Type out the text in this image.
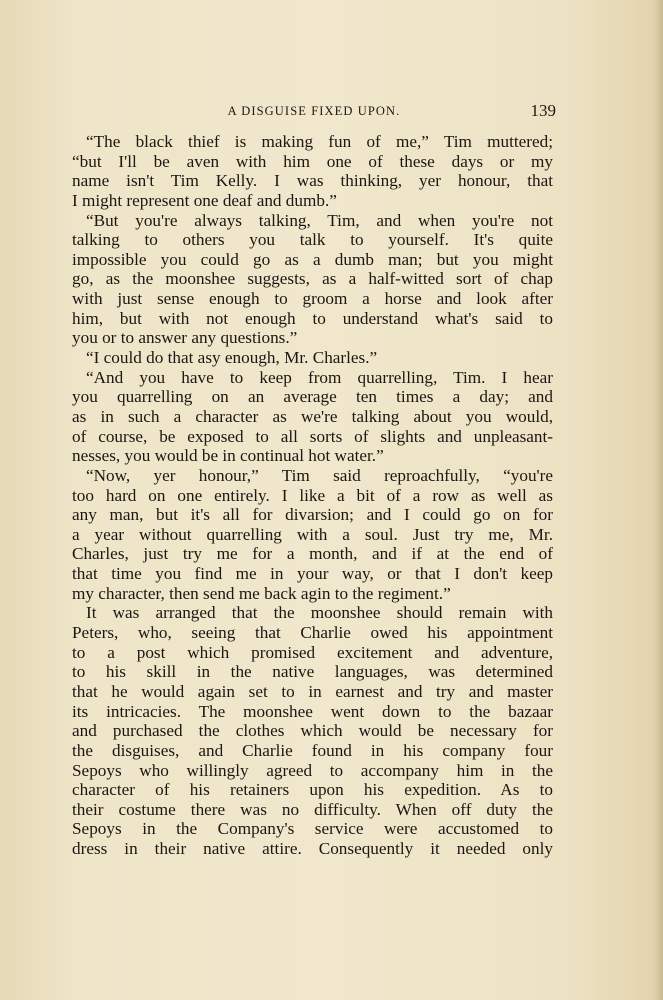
A DISGUISE FIXED UPON.	139
“The black thief is making fun of me,” Tim muttered;
“but I'll be aven with him one of these days or my
name isn't Tim Kelly. I was thinking, yer honour, that
I might represent one deaf and dumb.”
“But you're always talking, Tim, and when you're not
talking to others you talk to yourself. It's quite
impossible you could go as a dumb man; but you might
go, as the moonshee suggests, as a half-witted sort of chap
with just sense enough to groom a horse and look after
him, but with not enough to understand what's said to
you or to answer any questions.”
“I could do that asy enough, Mr. Charles.”
“And you have to keep from quarrelling, Tim. I hear
you quarrelling on an average ten times a day; and
as in such a character as we're talking about you would,
of course, be exposed to all sorts of slights and unpleasant-
nesses, you would be in continual hot water.”
“Now, yer honour,” Tim said reproachfully, “you're
too hard on one entirely. I like a bit of a row as well as
any man, but it's all for divarsion; and I could go on for
a year without quarrelling with a soul. Just try me, Mr.
Charles, just try me for a month, and if at the end of
that time you find me in your way, or that I don't keep
my character, then send me back agin to the regiment.”
It was arranged that the moonshee should remain with
Peters, who, seeing that Charlie owed his appointment
to a post which promised excitement and adventure,
to his skill in the native languages, was determined
that he would again set to in earnest and try and master
its intricacies. The moonshee went down to the bazaar
and purchased the clothes which would be necessary for
the disguises, and Charlie found in his company four
Sepoys who willingly agreed to accompany him in the
character of his retainers upon his expedition. As to
their costume there was no difficulty. When off duty the
Sepoys in the Company's service were accustomed to
dress in their native attire. Consequently it needed only
